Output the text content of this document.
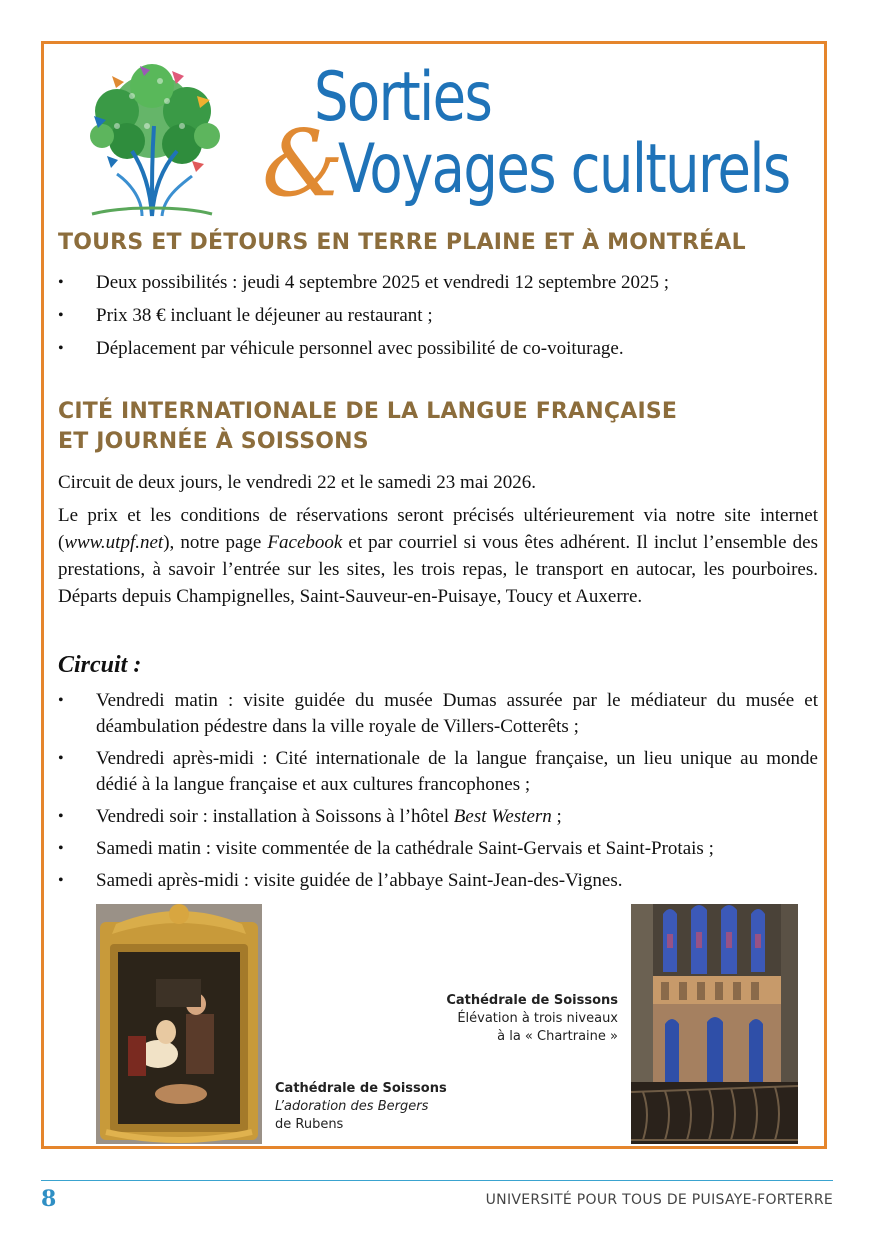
Sorties
&
Voyages culturels
TOURS ET DÉTOURS EN TERRE PLAINE ET À MONTRÉAL
• Deux possibilités : jeudi 4 septembre 2025 et vendredi 12 septembre 2025 ;
• Prix 38 € incluant le déjeuner au restaurant ;
• Déplacement par véhicule personnel avec possibilité de co-voiturage.
CITÉ INTERNATIONALE DE LA LANGUE FRANÇAISE
ET JOURNÉE À SOISSONS

Circuit de deux jours, le vendredi 22 et le samedi 23 mai 2026.

Le prix et les conditions de réservations seront précisés ultérieurement via notre site internet (www.utpf.net), notre page Facebook et par courriel si vous êtes adhérent. Il inclut l’ensemble des prestations, à savoir l’entrée sur les sites, les trois repas, le transport en autocar, les pourboires. Départs depuis Champignelles, Saint-Sauveur-en-Puisaye, Toucy et Auxerre.

Circuit :
• Vendredi matin : visite guidée du musée Dumas assurée par le médiateur du musée et déambulation pédestre dans la ville royale de Villers-Cotterêts ;
• Vendredi après-midi : Cité internationale de la langue française, un lieu unique au monde dédié à la langue française et aux cultures francophones ;
• Vendredi soir : installation à Soissons à l’hôtel Best Western ;
• Samedi matin : visite commentée de la cathédrale Saint-Gervais et Saint-Protais ;
• Samedi après-midi : visite guidée de l’abbaye Saint-Jean-des-Vignes.
Cathédrale de Soissons
L’adoration des Bergers
de Rubens
Cathédrale de Soissons
Élévation à trois niveaux
à la « Chartraine »
8	UNIVERSITÉ POUR TOUS DE PUISAYE-FORTERRE
